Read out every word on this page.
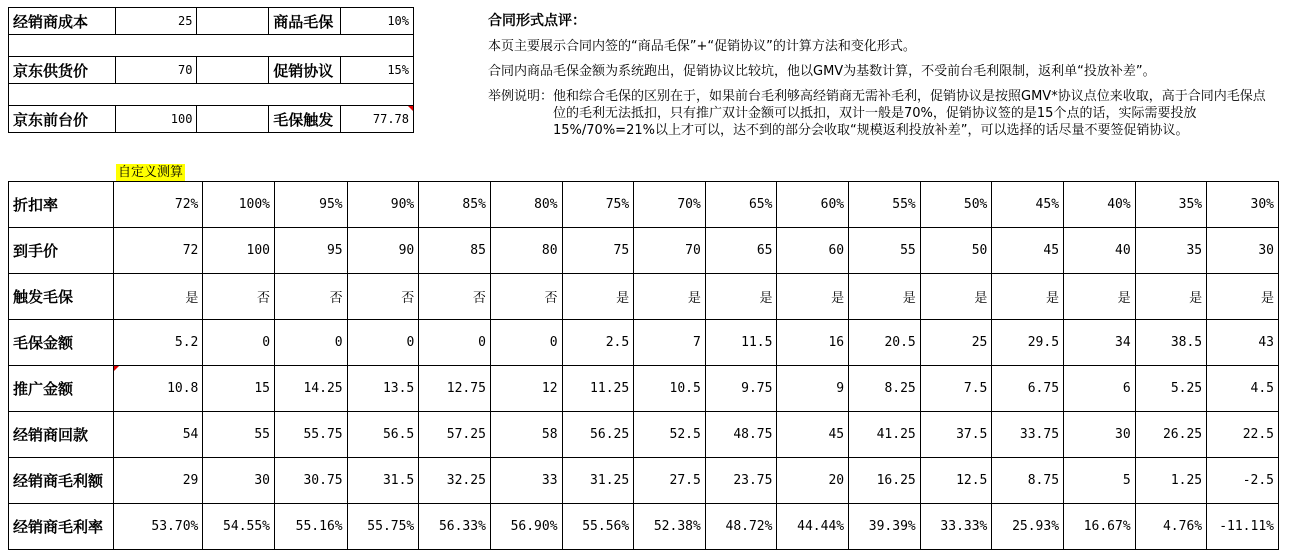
经销商成本	25		商品毛保	10%

京东供货价	70		促销协议	15%

京东前台价	100		毛保触发	77.78
合同形式点评：

本页主要展示合同内签的“商品毛保”+“促销协议”的计算方法和变化形式。

合同内商品毛保金额为系统跑出，促销协议比较坑，他以GMV为基数计算，不受前台毛利限制，返利单“投放补差”。

举例说明： 他和综合毛保的区别在于，如果前台毛利够高经销商无需补毛利，促销协议是按照GMV*协议点位来收取，高于合同内毛保点位的毛利无法抵扣，只有推广双计金额可以抵扣，双计一般是70%，促销协议签的是15个点的话，实际需要投放15%/70%=21%以上才可以，达不到的部分会收取“规模返利投放补差”，可以选择的话尽量不要签促销协议。
自定义测算
折扣率	72%	100%	95%	90%	85%	80%	75%	70%	65%	60%	55%	50%	45%	40%	35%	30%
到手价	72	100	95	90	85	80	75	70	65	60	55	50	45	40	35	30
触发毛保	是	否	否	否	否	否	是	是	是	是	是	是	是	是	是	是
毛保金额	5.2	0	0	0	0	0	2.5	7	11.5	16	20.5	25	29.5	34	38.5	43
推广金额	10.8	15	14.25	13.5	12.75	12	11.25	10.5	9.75	9	8.25	7.5	6.75	6	5.25	4.5
经销商回款	54	55	55.75	56.5	57.25	58	56.25	52.5	48.75	45	41.25	37.5	33.75	30	26.25	22.5
经销商毛利额	29	30	30.75	31.5	32.25	33	31.25	27.5	23.75	20	16.25	12.5	8.75	5	1.25	-2.5
经销商毛利率	53.70%	54.55%	55.16%	55.75%	56.33%	56.90%	55.56%	52.38%	48.72%	44.44%	39.39%	33.33%	25.93%	16.67%	4.76%	-11.11%
